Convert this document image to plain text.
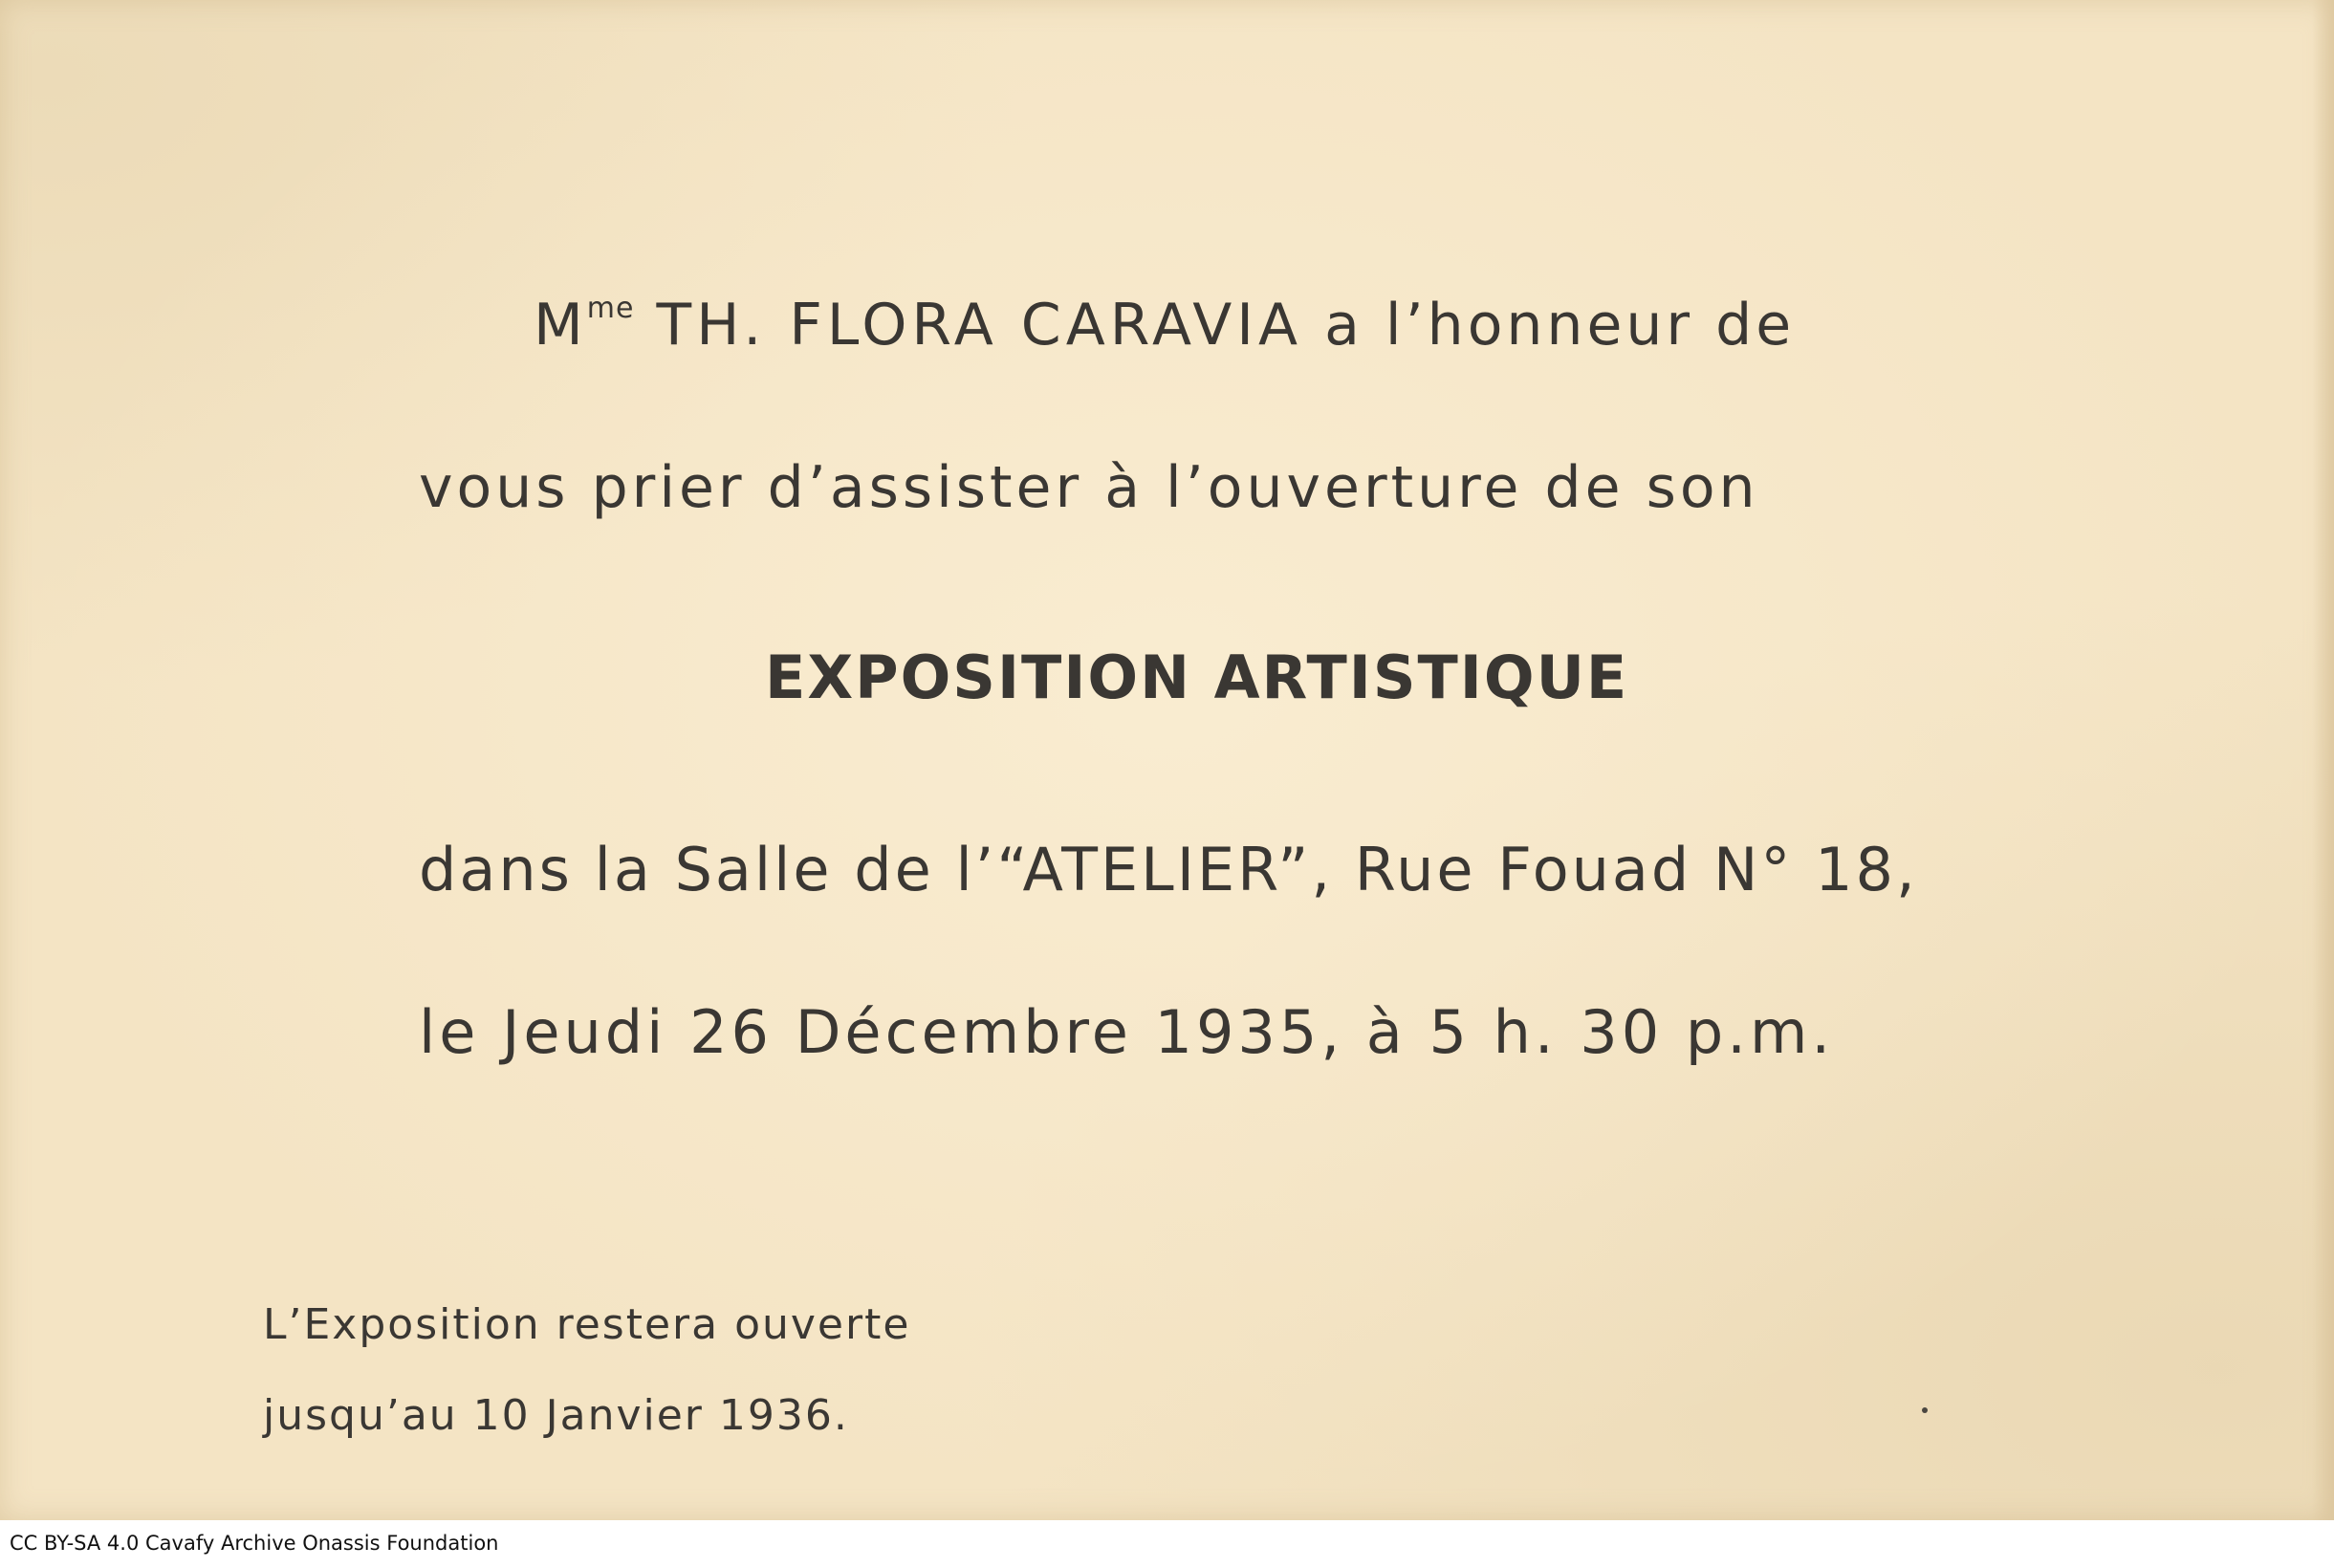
$M^{me}$ TH. FLORA CARAVIA a l’honneur de
vous prier d’assister à l’ouverture de son
EXPOSITION ARTISTIQUE
dans la Salle de l’“ATELIER”, Rue Fouad N° 18,
le Jeudi 26 Décembre 1935, à 5 h. 30 p.m.
L’Exposition restera ouverte
jusqu’au 10 Janvier 1936.
CC BY-SA 4.0 Cavafy Archive Onassis Foundation
